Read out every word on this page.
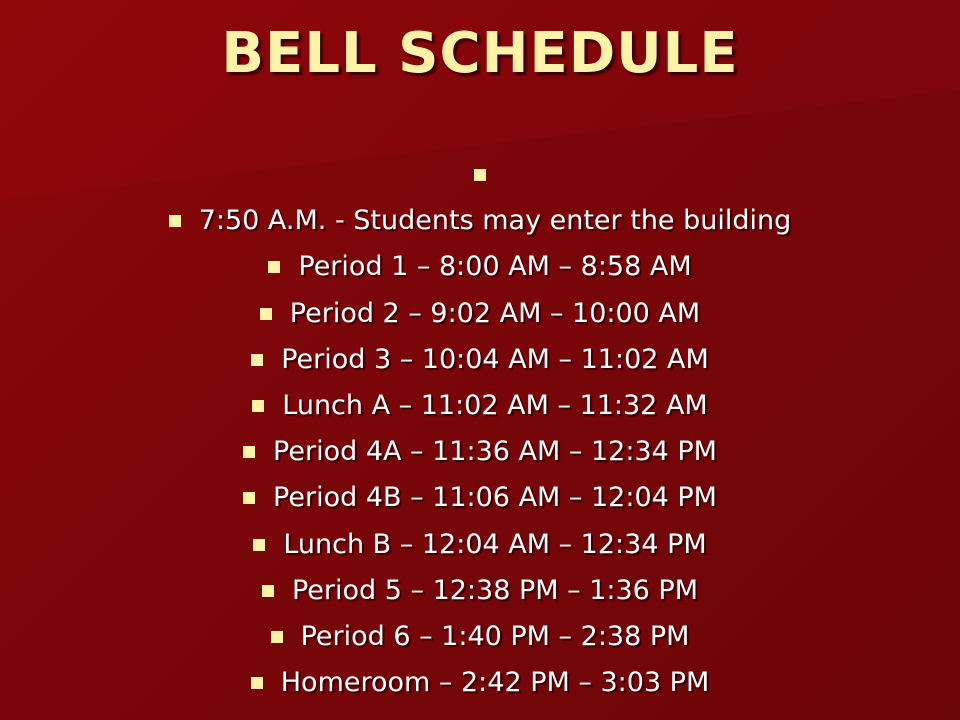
BELL SCHEDULE
7:50 A.M. - Students may enter the building
Period 1 – 8:00 AM – 8:58 AM
Period 2 – 9:02 AM – 10:00 AM
Period 3 – 10:04 AM – 11:02 AM
Lunch A – 11:02 AM – 11:32 AM
Period 4A – 11:36 AM – 12:34 PM
Period 4B – 11:06 AM – 12:04 PM
Lunch B – 12:04 AM – 12:34 PM
Period 5 – 12:38 PM – 1:36 PM
Period 6 – 1:40 PM – 2:38 PM
Homeroom – 2:42 PM – 3:03 PM
